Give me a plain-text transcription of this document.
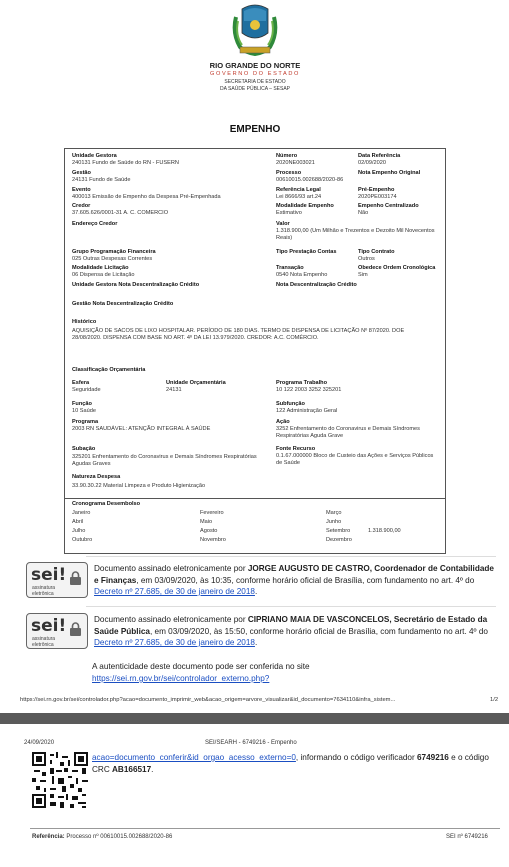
RIO GRANDE DO NORTE
GOVERNO DO ESTADO
SECRETARIA DE ESTADO
DA SAÚDE PÚBLICA – SESAP
EMPENHO
Unidade Gestora
240131 Fundo de Saúde do RN - FUSERN
Número
2020NE003021
Data Referência
02/09/2020
Gestão
24131 Fundo de Saúde
Processo
00610015.002688/2020-86
Nota Empenho Original
Evento
400013 Emissão de Empenho da Despesa Pré-Empenhada
Referência Legal
Lei 8666/93 art.24
Pré-Empenho
2020PE003174
Credor
37.605.626/0001-31 A. C. COMERCIO
Modalidade Empenho
Estimativo
Empenho Centralizado
Não
Endereço Credor	Valor
1.318.900,00 (Um Milhão e Trezentos e Dezoito Mil Novecentos Reais)
Grupo Programação Financeira
025 Outras Despesas Correntes
Tipo Prestação Contas	Tipo Contrato
Outros
Modalidade Licitação
06 Dispensa de Licitação
Transação
0540 Nota Empenho
Obedece Ordem Cronológica
Sim
Unidade Gestora Nota Descentralização Crédito	Nota Descentralização Crédito
Gestão Nota Descentralização Crédito
Histórico
AQUISIÇÃO DE SACOS DE LIXO HOSPITALAR. PERÍODO DE 180 DIAS. TERMO DE DISPENSA DE LICITAÇÃO Nº 87/2020. DOE 28/08/2020. DISPENSA COM BASE NO ART. 4º DA LEI 13.979/2020. CREDOR: A.C. COMÉRCIO.
Classificação Orçamentária
Esfera
Seguridade
Unidade Orçamentária
24131
Programa Trabalho
10 122 2003 3252 325201
Função
10 Saúde
Subfunção
122 Administração Geral
Programa
2003 RN SAUDÁVEL: ATENÇÃO INTEGRAL À SAÚDE
Ação
3252 Enfrentamento do Coronavirus e Demais Síndromes Respiratórias Aguda Grave
Fonte Recurso
0.1.67.000000 Bloco de Custeio das Ações e Serviços Públicos de Saúde
Subação
325201 Enfrentamento do Coronavirus e Demais Síndromes Respiratórias Agudas Graves
Natureza Despesa
33.90.30.22 Material Limpeza e Produto Higienização
Cronograma Desembolso
Janeiro	Fevereiro	Março
Abril	Maio	Junho
Julho	Agosto	Setembro	1.318.900,00
Outubro	Novembro	Dezembro
sei!
assinatura
eletrônica
Documento assinado eletronicamente por JORGE AUGUSTO DE CASTRO, Coordenador de Contabilidade e Finanças, em 03/09/2020, às 10:35, conforme horário oficial de Brasília, com fundamento no art. 4º do Decreto nº 27.685, de 30 de janeiro de 2018.
sei!
assinatura
eletrônica
Documento assinado eletronicamente por CIPRIANO MAIA DE VASCONCELOS, Secretário de Estado da Saúde Pública, em 03/09/2020, às 15:50, conforme horário oficial de Brasília, com fundamento no art. 4º do Decreto nº 27.685, de 30 de janeiro de 2018.
A autenticidade deste documento pode ser conferida no site
https://sei.rn.gov.br/sei/controlador_externo.php?
https://sei.rn.gov.br/sei/controlador.php?acao=documento_imprimir_web&acao_origem=arvore_visualizar&id_documento=7634110&infra_sistem...	1/2
24/09/2020	SEI/SEARH - 6749216 - Empenho
acao=documento_conferir&id_orgao_acesso_externo=0, informando o código verificador 6749216 e o código CRC AB166517.
Referência: Processo nº 00610015.002688/2020-86	SEI nº 6749216
